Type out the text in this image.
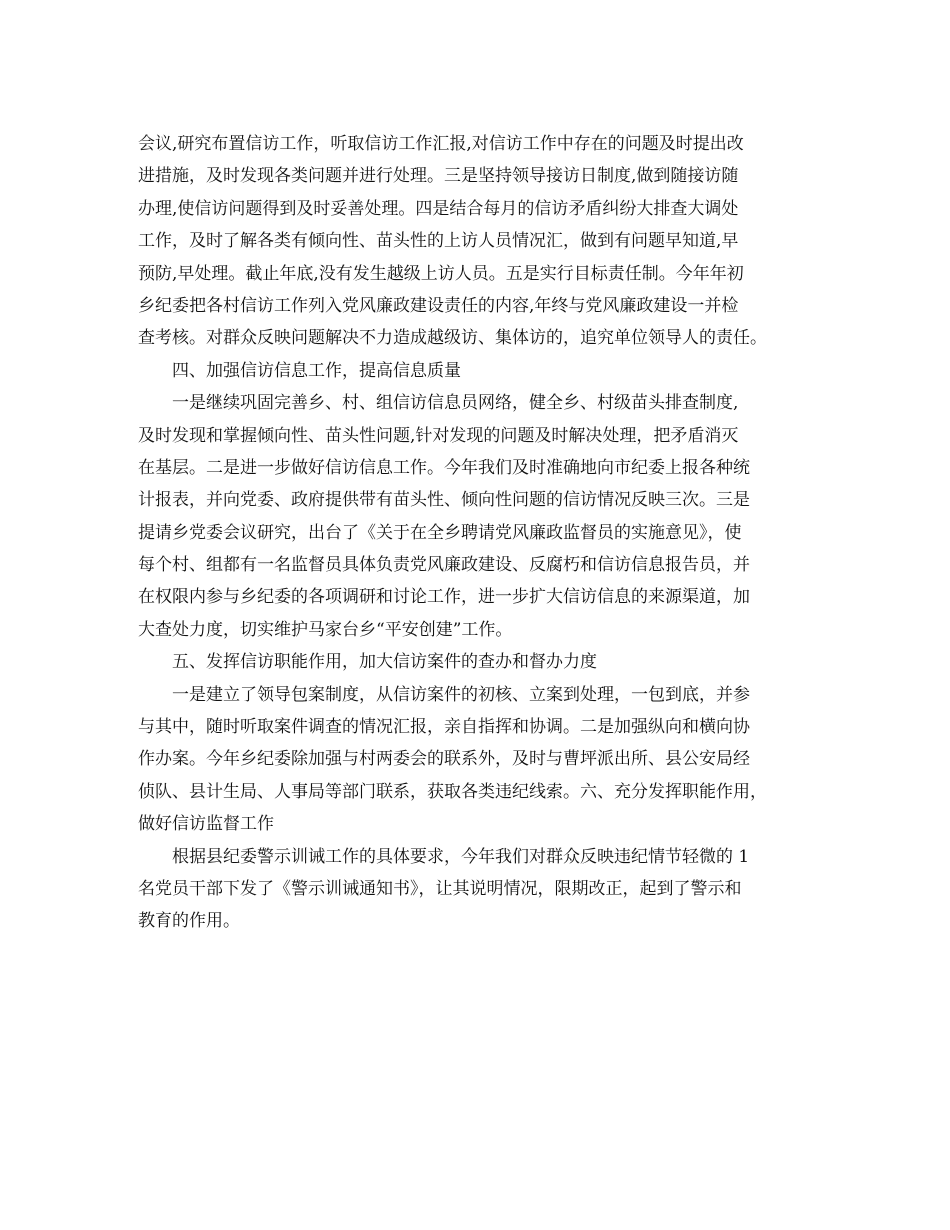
会议,研究布置信访工作，听取信访工作汇报,对信访工作中存在的问题及时提出改
进措施，及时发现各类问题并进行处理。三是坚持领导接访日制度,做到随接访随
办理,使信访问题得到及时妥善处理。四是结合每月的信访矛盾纠纷大排查大调处
工作，及时了解各类有倾向性、苗头性的上访人员情况汇，做到有问题早知道,早
预防,早处理。截止年底,没有发生越级上访人员。五是实行目标责任制。今年年初
乡纪委把各村信访工作列入党风廉政建设责任的内容,年终与党风廉政建设一并检
查考核。对群众反映问题解决不力造成越级访、集体访的，追究单位领导人的责任。
四、加强信访信息工作，提高信息质量
一是继续巩固完善乡、村、组信访信息员网络，健全乡、村级苗头排查制度,
及时发现和掌握倾向性、苗头性问题,针对发现的问题及时解决处理，把矛盾消灭
在基层。二是进一步做好信访信息工作。今年我们及时准确地向市纪委上报各种统
计报表，并向党委、政府提供带有苗头性、倾向性问题的信访情况反映三次。三是
提请乡党委会议研究，出台了《关于在全乡聘请党风廉政监督员的实施意见》，使
每个村、组都有一名监督员具体负责党风廉政建设、反腐朽和信访信息报告员，并
在权限内参与乡纪委的各项调研和讨论工作，进一步扩大信访信息的来源渠道，加
大查处力度，切实维护马家台乡“平安创建”工作。
五、发挥信访职能作用，加大信访案件的查办和督办力度
一是建立了领导包案制度，从信访案件的初核、立案到处理，一包到底，并参
与其中，随时听取案件调查的情况汇报，亲自指挥和协调。二是加强纵向和横向协
作办案。今年乡纪委除加强与村两委会的联系外，及时与曹坪派出所、县公安局经
侦队、县计生局、人事局等部门联系，获取各类违纪线索。六、充分发挥职能作用，
做好信访监督工作
根据县纪委警示训诫工作的具体要求，今年我们对群众反映违纪情节轻微的 1
名党员干部下发了《警示训诫通知书》，让其说明情况，限期改正，起到了警示和
教育的作用。
